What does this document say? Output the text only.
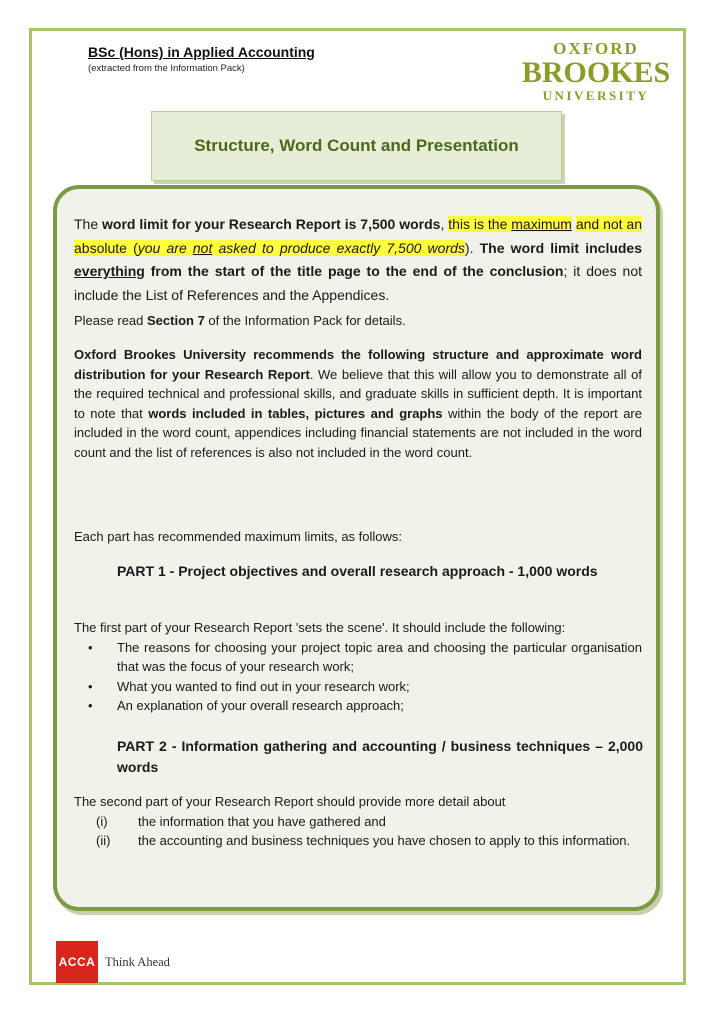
BSc (Hons) in Applied Accounting
(extracted from the Information Pack)
OXFORD
BROOKES
UNIVERSITY
Structure, Word Count and Presentation
The word limit for your Research Report is 7,500 words, this is the maximum and not an absolute (you are not asked to produce exactly 7,500 words). The word limit includes everything from the start of the title page to the end of the conclusion; it does not include the List of References and the Appendices.
Please read Section 7 of the Information Pack for details.
Oxford Brookes University recommends the following structure and approximate word distribution for your Research Report. We believe that this will allow you to demonstrate all of the required technical and professional skills, and graduate skills in sufficient depth. It is important to note that words included in tables, pictures and graphs within the body of the report are included in the word count, appendices including financial statements are not included in the word count and the list of references is also not included in the word count.
Each part has recommended maximum limits, as follows:
PART 1 - Project objectives and overall research approach - 1,000 words
The first part of your Research Report 'sets the scene'. It should include the following:
• The reasons for choosing your project topic area and choosing the particular organisation that was the focus of your research work;
• What you wanted to find out in your research work;
• An explanation of your overall research approach;
PART 2 - Information gathering and accounting / business techniques – 2,000 words
The second part of your Research Report should provide more detail about
(i) the information that you have gathered and
(ii) the accounting and business techniques you have chosen to apply to this information.
ACCA Think Ahead
